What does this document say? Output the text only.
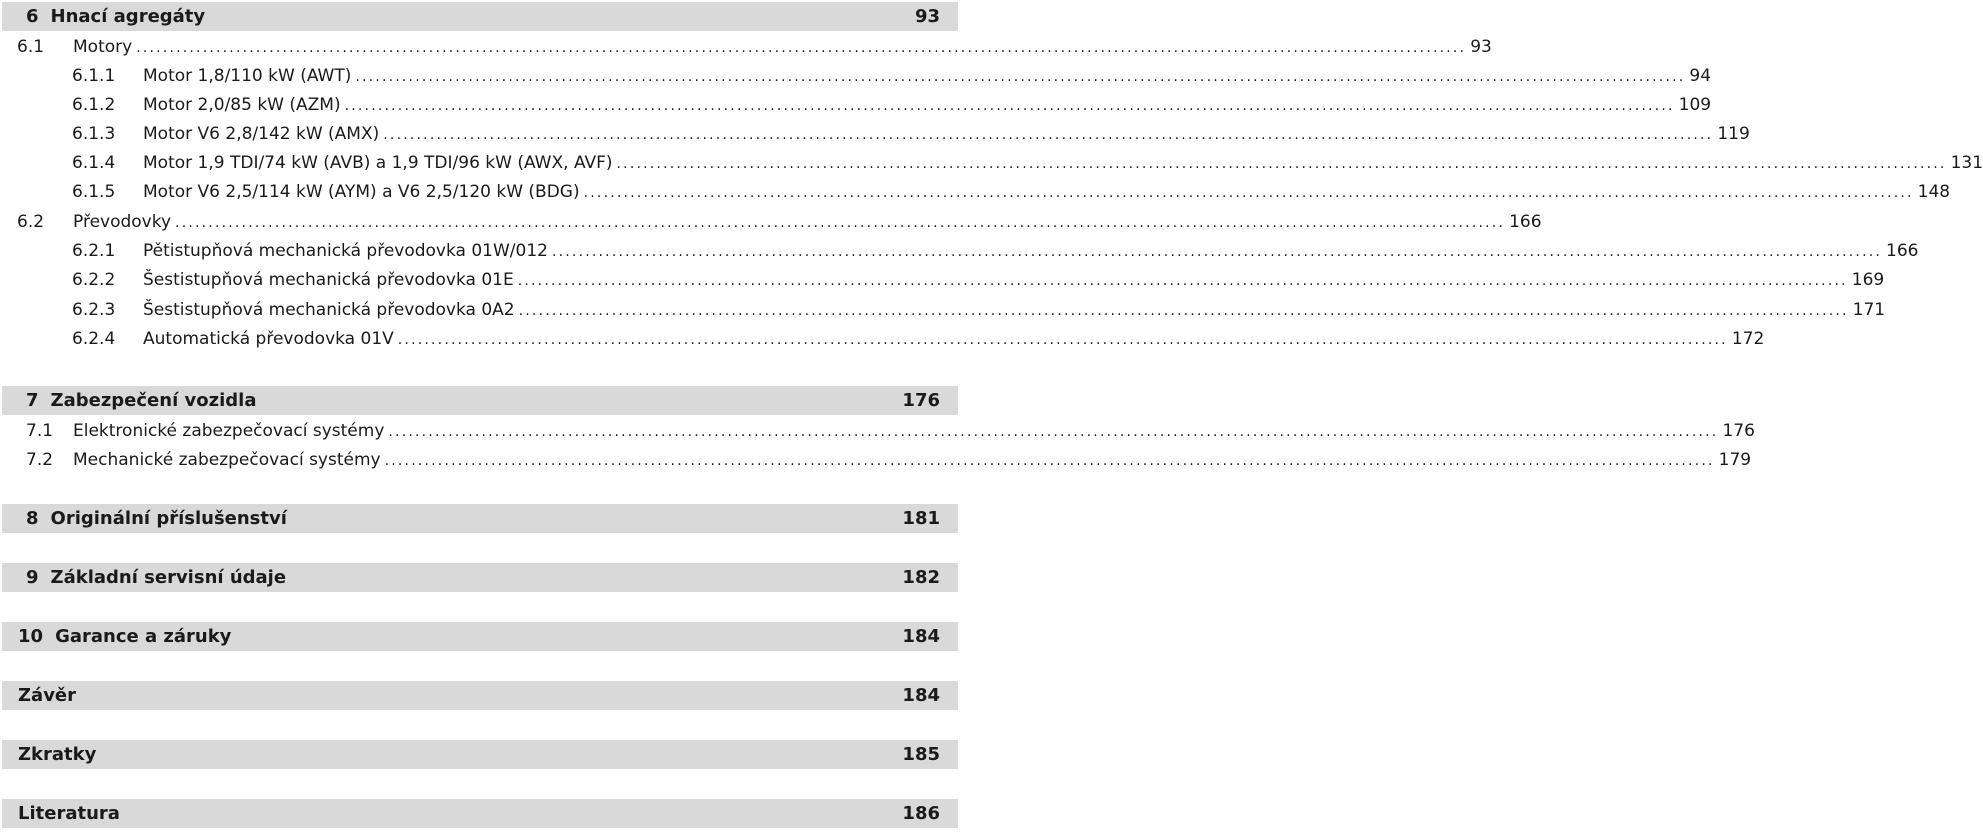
6 Hnací agregáty	93
6.1	Motory ........................................................................................................................................................................................................ 93
6.1.1	Motor 1,8/110 kW (AWT) ........................................................................................................................................................................................................ 94
6.1.2	Motor 2,0/85 kW (AZM) ........................................................................................................................................................................................................ 109
6.1.3	Motor V6 2,8/142 kW (AMX) ........................................................................................................................................................................................................ 119
6.1.4	Motor 1,9 TDI/74 kW (AVB) a 1,9 TDI/96 kW (AWX, AVF) ........................................................................................................................................................................................................ 131
6.1.5	Motor V6 2,5/114 kW (AYM) a V6 2,5/120 kW (BDG) ........................................................................................................................................................................................................ 148
6.2	Převodovky ........................................................................................................................................................................................................ 166
6.2.1	Pětistupňová mechanická převodovka 01W/012 ........................................................................................................................................................................................................ 166
6.2.2	Šestistupňová mechanická převodovka 01E ........................................................................................................................................................................................................ 169
6.2.3	Šestistupňová mechanická převodovka 0A2 ........................................................................................................................................................................................................ 171
6.2.4	Automatická převodovka 01V ........................................................................................................................................................................................................ 172
7 Zabezpečení vozidla	176
7.1	Elektronické zabezpečovací systémy ........................................................................................................................................................................................................ 176
7.2	Mechanické zabezpečovací systémy ........................................................................................................................................................................................................ 179
8 Originální příslušenství	181
9 Základní servisní údaje	182
10 Garance a záruky	184
Závěr	184
Zkratky	185
Literatura	186
